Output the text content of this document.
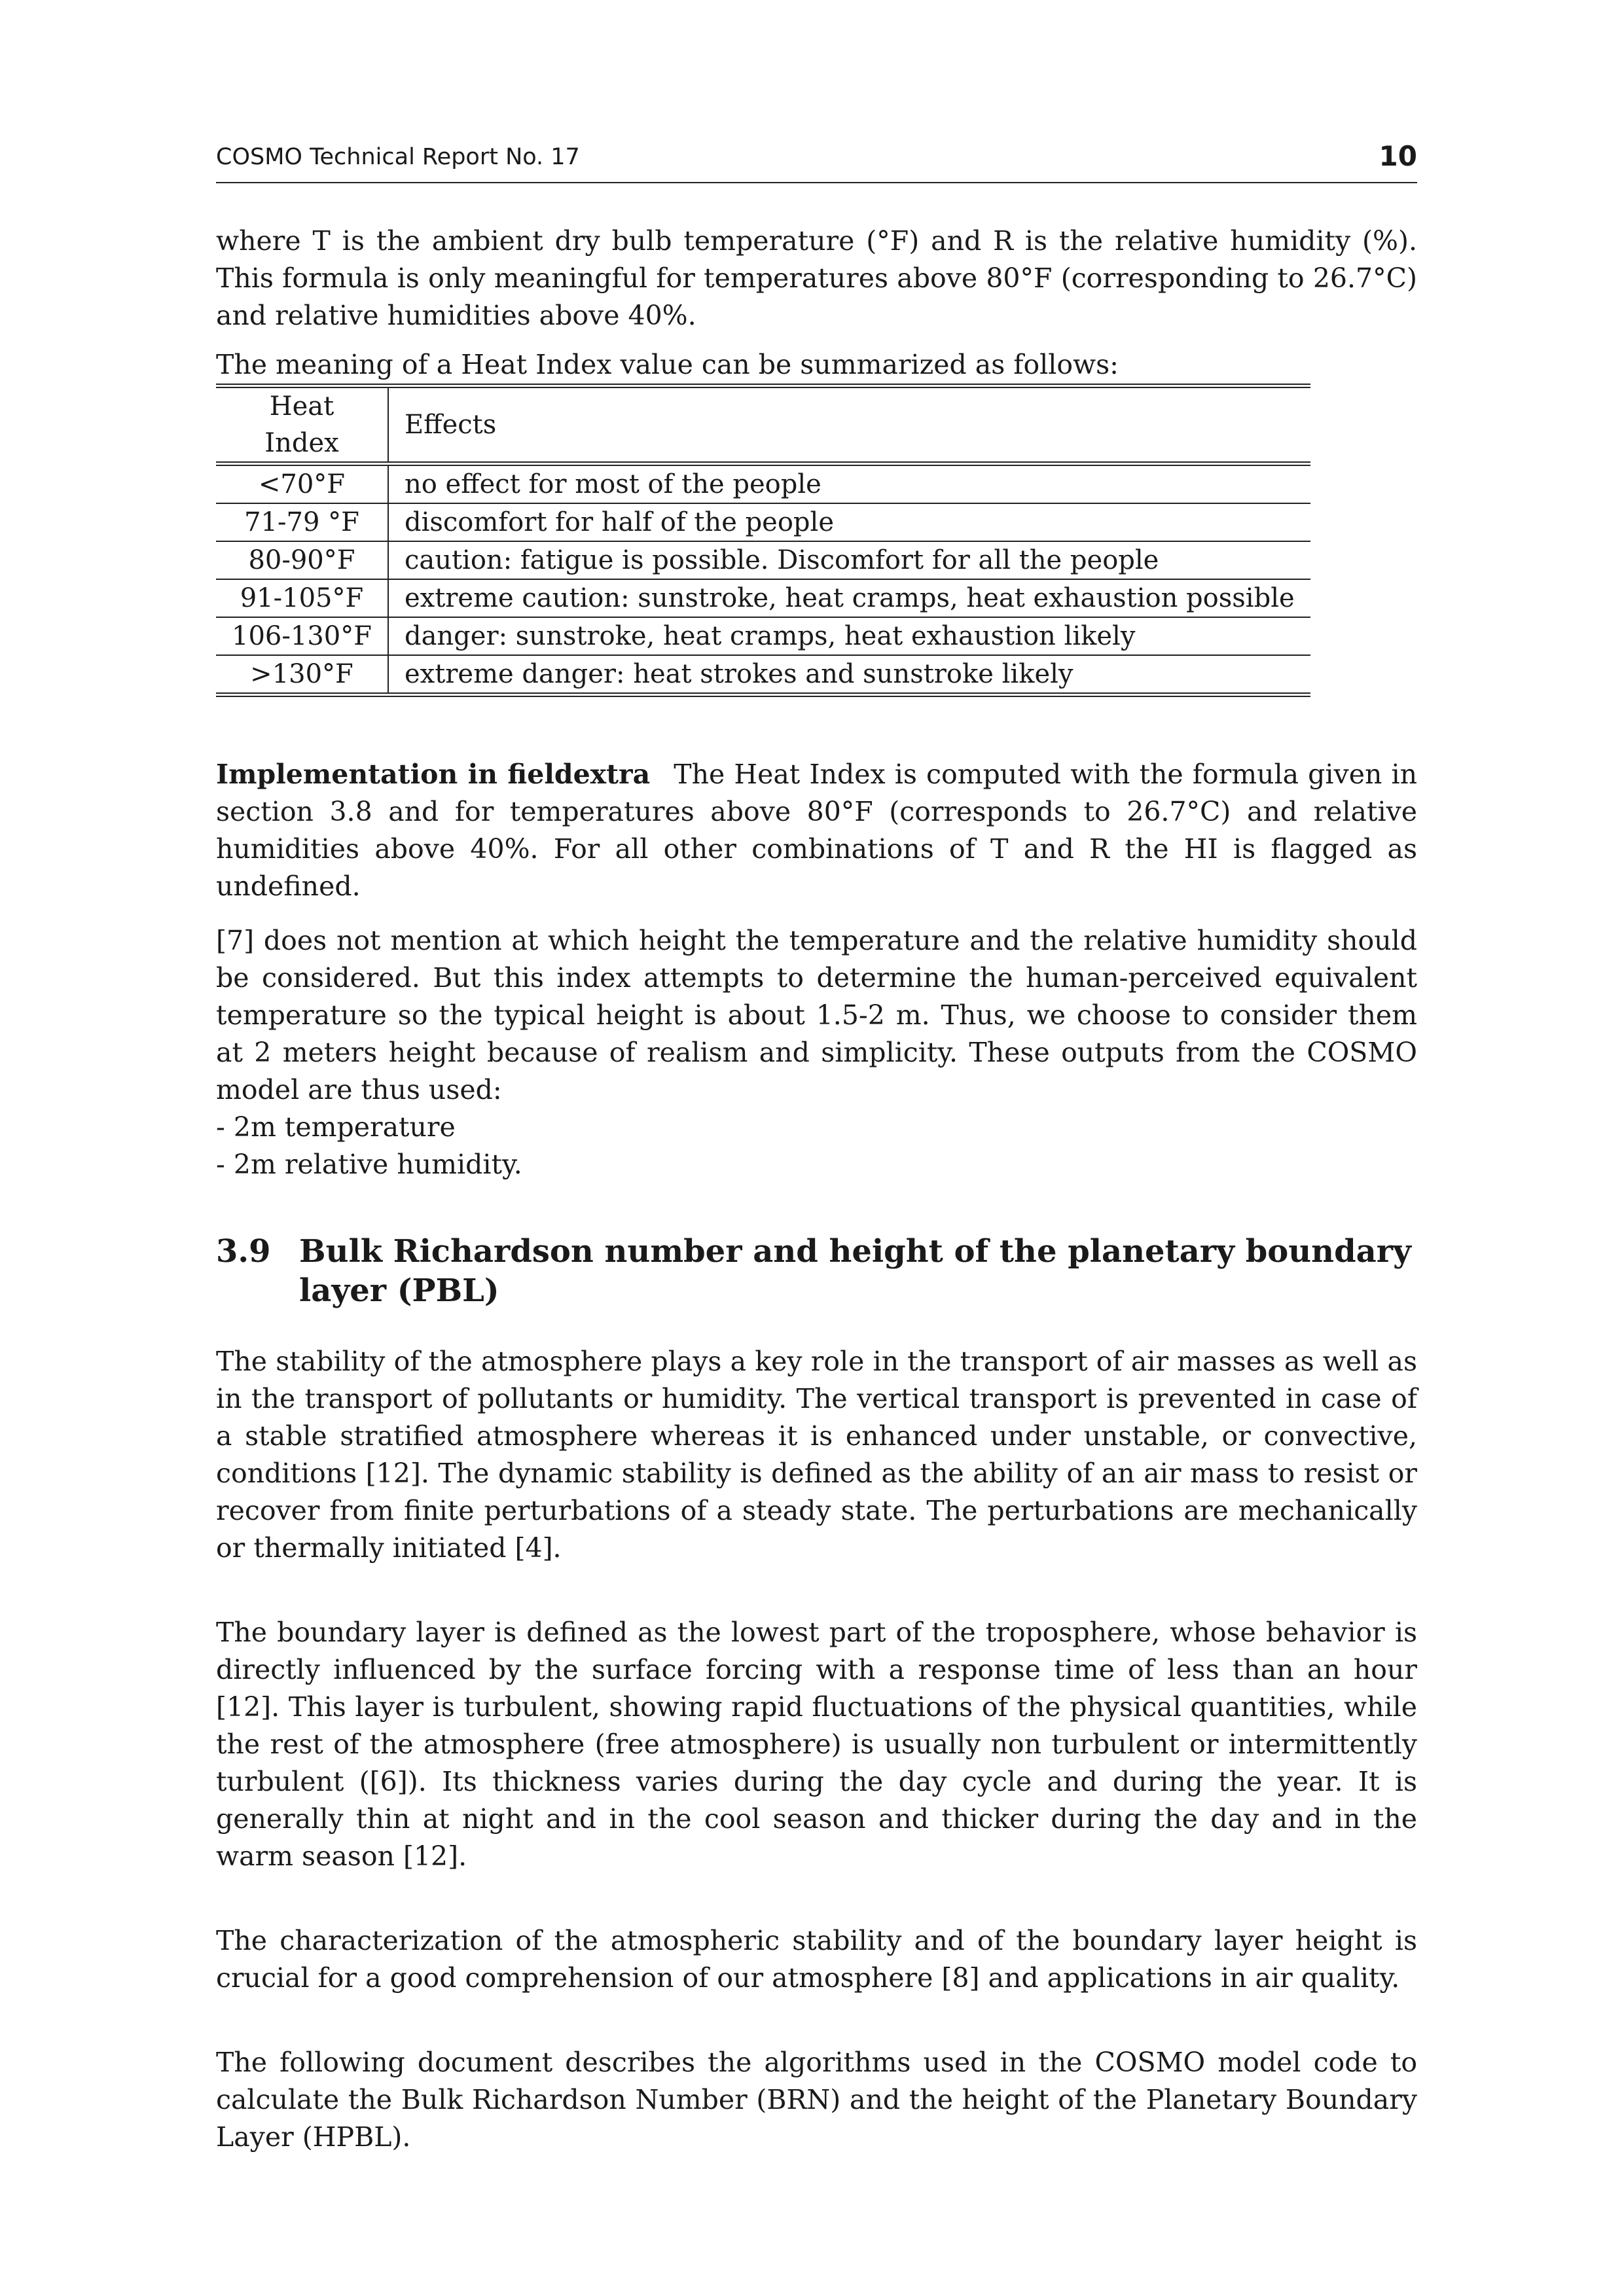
COSMO Technical Report No. 17	10

where T is the ambient dry bulb temperature (°F) and R is the relative humidity (%). This formula is only meaningful for temperatures above 80°F (corresponding to 26.7°C) and relative humidities above 40%.

The meaning of a Heat Index value can be summarized as follows:

Heat Index	Effects
<70°F	no effect for most of the people
71-79 °F	discomfort for half of the people
80-90°F	caution: fatigue is possible. Discomfort for all the people
91-105°F	extreme caution: sunstroke, heat cramps, heat exhaustion possible
106-130°F	danger: sunstroke, heat cramps, heat exhaustion likely
>130°F	extreme danger: heat strokes and sunstroke likely

Implementation in fieldextra The Heat Index is computed with the formula given in section 3.8 and for temperatures above 80°F (corresponds to 26.7°C) and relative humidities above 40%. For all other combinations of T and R the HI is flagged as undefined.

[7] does not mention at which height the temperature and the relative humidity should be considered. But this index attempts to determine the human-perceived equivalent temperature so the typical height is about 1.5-2 m. Thus, we choose to consider them at 2 meters height because of realism and simplicity. These outputs from the COSMO model are thus used:

- 2m temperature
- 2m relative humidity.
3.9 Bulk Richardson number and height of the planetary boundary layer (PBL)

The stability of the atmosphere plays a key role in the transport of air masses as well as in the transport of pollutants or humidity. The vertical transport is prevented in case of a stable stratified atmosphere whereas it is enhanced under unstable, or convective, conditions [12]. The dynamic stability is defined as the ability of an air mass to resist or recover from finite perturbations of a steady state. The perturbations are mechanically or thermally initiated [4].

The boundary layer is defined as the lowest part of the troposphere, whose behavior is directly influenced by the surface forcing with a response time of less than an hour [12]. This layer is turbulent, showing rapid fluctuations of the physical quantities, while the rest of the atmosphere (free atmosphere) is usually non turbulent or intermittently turbulent ([6]). Its thickness varies during the day cycle and during the year. It is generally thin at night and in the cool season and thicker during the day and in the warm season [12].

The characterization of the atmospheric stability and of the boundary layer height is crucial for a good comprehension of our atmosphere [8] and applications in air quality.

The following document describes the algorithms used in the COSMO model code to calculate the Bulk Richardson Number (BRN) and the height of the Planetary Boundary Layer (HPBL).
